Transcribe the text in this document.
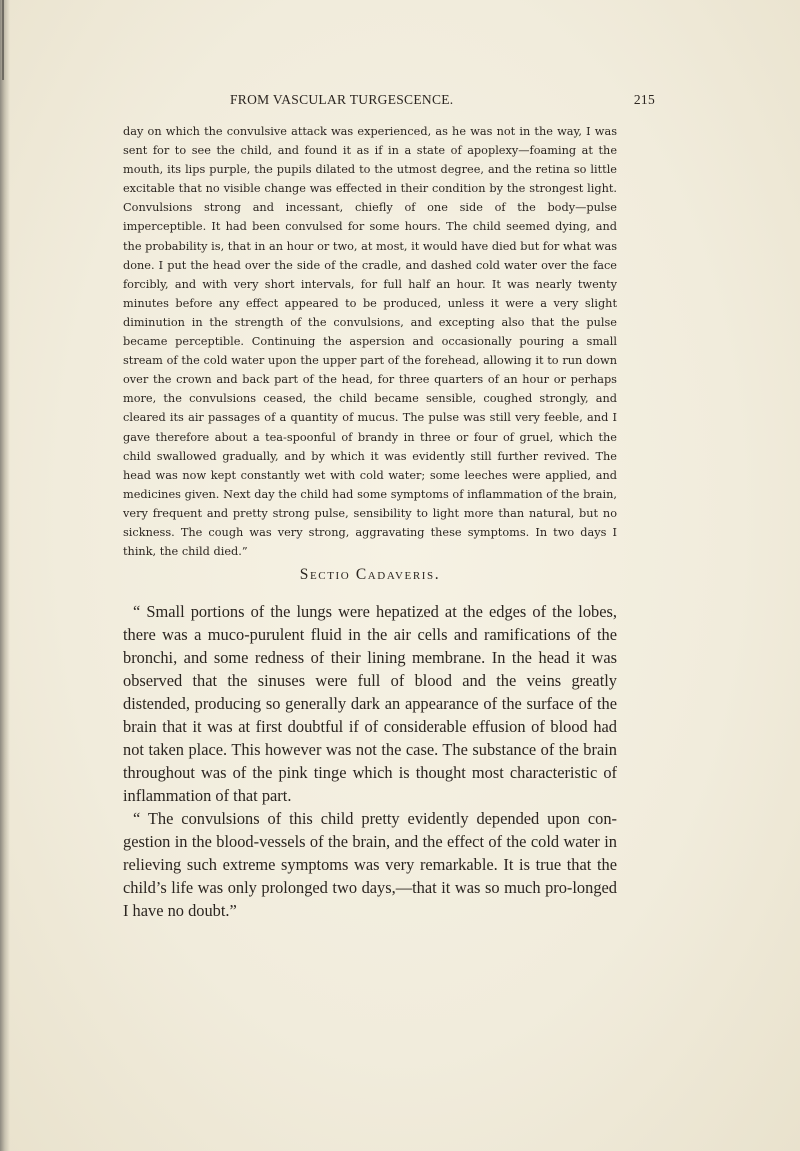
FROM VASCULAR TURGESCENCE.	215

day on which the convulsive attack was experienced, as he was not in the way, I was sent for to see the child, and found it as if in a state of apoplexy—foaming at the mouth, its lips purple, the pupils dilated to the utmost degree, and the retina so little excitable that no visible change was effected in their condition by the strongest light. Convulsions strong and incessant, chiefly of one side of the body—pulse imperceptible. It had been convulsed for some hours. The child seemed dying, and the probability is, that in an hour or two, at most, it would have died but for what was done. I put the head over the side of the cradle, and dashed cold water over the face forcibly, and with very short intervals, for full half an hour. It was nearly twenty minutes before any effect appeared to be produced, unless it were a very slight diminution in the strength of the convulsions, and excepting also that the pulse became perceptible. Continuing the aspersion and occasionally pouring a small stream of the cold water upon the upper part of the forehead, allowing it to run down over the crown and back part of the head, for three quarters of an hour or perhaps more, the convulsions ceased, the child became sensible, coughed strongly, and cleared its air passages of a quantity of mucus. The pulse was still very feeble, and I gave therefore about a tea-spoonful of brandy in three or four of gruel, which the child swallowed gradually, and by which it was evidently still further revived. The head was now kept constantly wet with cold water; some leeches were applied, and medicines given. Next day the child had some symptoms of inflammation of the brain, very frequent and pretty strong pulse, sensibility to light more than natural, but no sickness. The cough was very strong, aggravating these symptoms. In two days I think, the child died.”

Sectio Cadaveris.

“ Small portions of the lungs were hepatized at the edges of the lobes, there was a muco-purulent fluid in the air cells and ramifications of the bronchi, and some redness of their lining membrane. In the head it was observed that the sinuses were full of blood and the veins greatly distended, producing so generally dark an appearance of the surface of the brain that it was at first doubtful if of considerable effusion of blood had not taken place. This however was not the case. The substance of the brain throughout was of the pink tinge which is thought most characteristic of inflammation of that part.

“ The convulsions of this child pretty evidently depended upon con-gestion in the blood-vessels of the brain, and the effect of the cold water in relieving such extreme symptoms was very remarkable. It is true that the child’s life was only prolonged two days,—that it was so much pro-longed I have no doubt.”
